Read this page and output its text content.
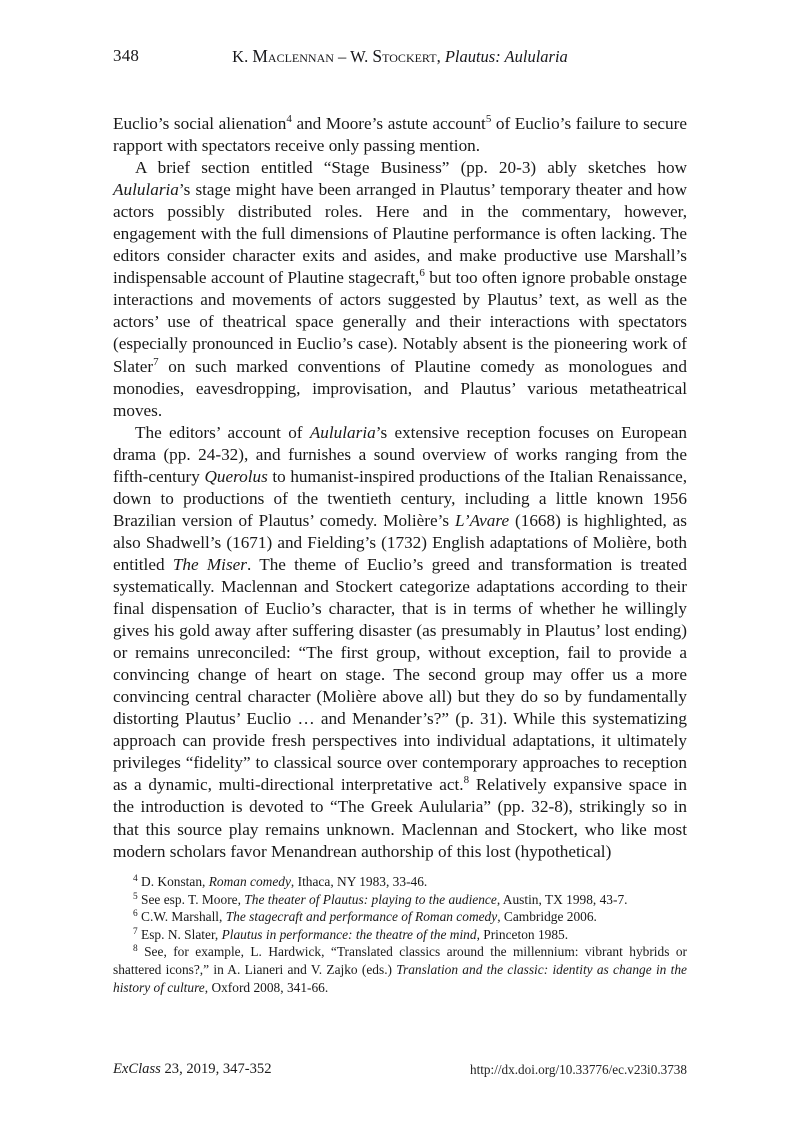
348	K. Maclennan – W. Stockert, Plautus: Aulularia

Euclio’s social alienation$^4$ and Moore’s astute account$^5$ of Euclio’s failure to secure rapport with spectators receive only passing mention.

A brief section entitled “Stage Business” (pp. 20-3) ably sketches how Aulularia’s stage might have been arranged in Plautus’ temporary theater and how actors possibly distributed roles. Here and in the commentary, however, engagement with the full dimensions of Plautine performance is often lacking. The editors consider character exits and asides, and make productive use Marshall’s indispensable account of Plautine stagecraft,$^6$ but too often ignore probable onstage interactions and movements of actors suggested by Plautus’ text, as well as the actors’ use of theatrical space generally and their interactions with spectators (especially pronounced in Euclio’s case). Notably absent is the pioneering work of Slater$^7$ on such marked conventions of Plautine comedy as monologues and monodies, eavesdropping, improvisation, and Plautus’ various metatheatrical moves.

The editors’ account of Aulularia’s extensive reception focuses on European drama (pp. 24-32), and furnishes a sound overview of works ranging from the fifth-century Querolus to humanist-inspired productions of the Italian Renaissance, down to productions of the twentieth century, including a little known 1956 Brazilian version of Plautus’ comedy. Molière’s L’Avare (1668) is highlighted, as also Shadwell’s (1671) and Fielding’s (1732) English adaptations of Molière, both entitled The Miser. The theme of Euclio’s greed and transformation is treated systematically. Maclennan and Stockert categorize adaptations according to their final dispensation of Euclio’s character, that is in terms of whether he willingly gives his gold away after suffering disaster (as presumably in Plautus’ lost ending) or remains unreconciled: “The first group, without exception, fail to provide a convincing change of heart on stage. The second group may offer us a more convincing central character (Molière above all) but they do so by fundamentally distorting Plautus’ Euclio … and Menander’s?” (p. 31). While this systematizing approach can provide fresh perspectives into individual adaptations, it ultimately privileges “fidelity” to classical source over contemporary approaches to reception as a dynamic, multi-directional interpretative act.$^8$ Relatively expansive space in the introduction is devoted to “The Greek Aulularia” (pp. 32-8), strikingly so in that this source play remains unknown. Maclennan and Stockert, who like most modern scholars favor Menandrean authorship of this lost (hypothetical)

$^4$ D. Konstan, Roman comedy, Ithaca, NY 1983, 33-46.

$^5$ See esp. T. Moore, The theater of Plautus: playing to the audience, Austin, TX 1998, 43-7.

$^6$ C.W. Marshall, The stagecraft and performance of Roman comedy, Cambridge 2006.

$^7$ Esp. N. Slater, Plautus in performance: the theatre of the mind, Princeton 1985.

$^8$ See, for example, L. Hardwick, “Translated classics around the millennium: vibrant hybrids or shattered icons?,” in A. Lianeri and V. Zajko (eds.) Translation and the classic: identity as change in the history of culture, Oxford 2008, 341-66.

ExClass 23, 2019, 347-352	http://dx.doi.org/10.33776/ec.v23i0.3738
